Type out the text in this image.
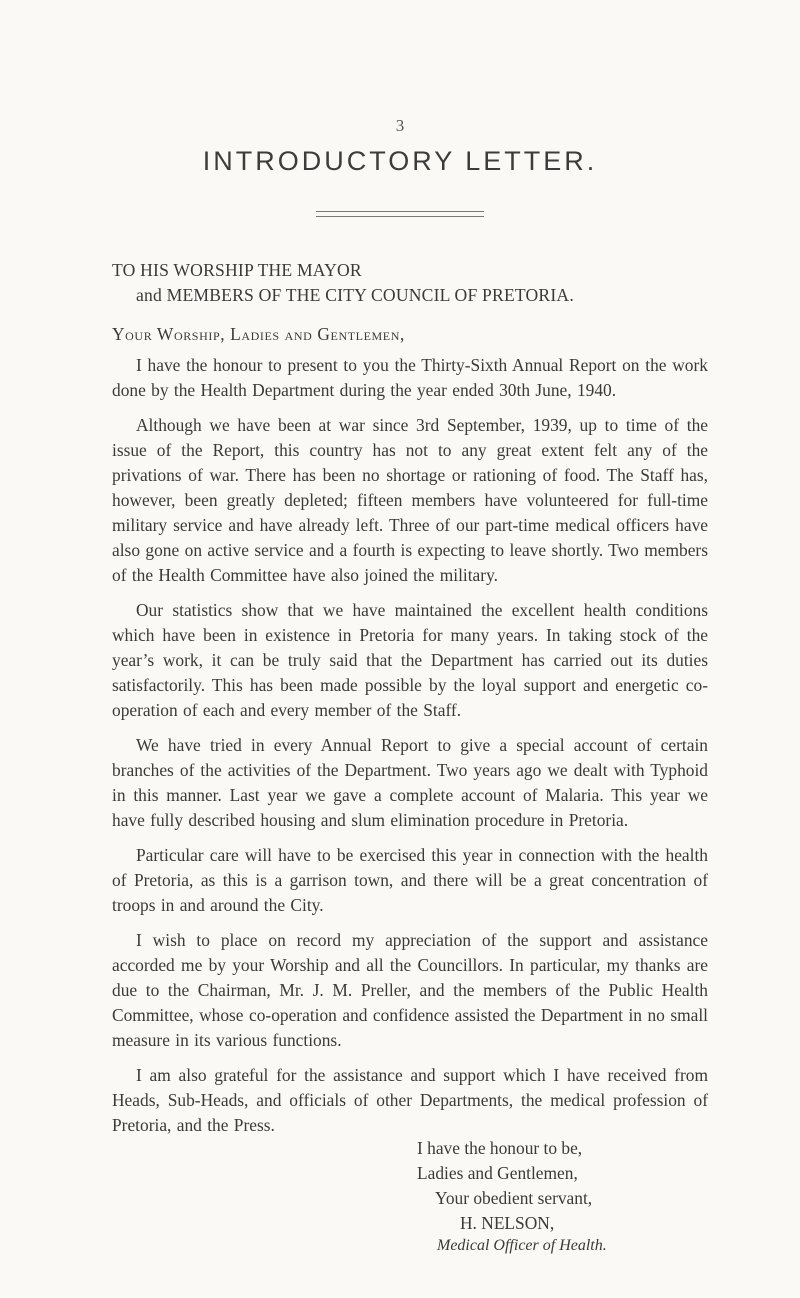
3
INTRODUCTORY LETTER.

TO HIS WORSHIP THE MAYOR

and MEMBERS OF THE CITY COUNCIL OF PRETORIA.

Your Worship, Ladies and Gentlemen,

I have the honour to present to you the Thirty-Sixth Annual Report on the work done by the Health Department during the year ended 30th June, 1940.

Although we have been at war since 3rd September, 1939, up to time of the issue of the Report, this country has not to any great extent felt any of the privations of war. There has been no shortage or rationing of food. The Staff has, however, been greatly depleted; fifteen members have volunteered for full-time military service and have already left. Three of our part-time medical officers have also gone on active service and a fourth is expecting to leave shortly. Two members of the Health Committee have also joined the military.

Our statistics show that we have maintained the excellent health conditions which have been in existence in Pretoria for many years. In taking stock of the year’s work, it can be truly said that the Department has carried out its duties satisfactorily. This has been made possible by the loyal support and energetic co-operation of each and every member of the Staff.

We have tried in every Annual Report to give a special account of certain branches of the activities of the Department. Two years ago we dealt with Typhoid in this manner. Last year we gave a complete account of Malaria. This year we have fully described housing and slum elimination procedure in Pretoria.

Particular care will have to be exercised this year in connection with the health of Pretoria, as this is a garrison town, and there will be a great concentration of troops in and around the City.

I wish to place on record my appreciation of the support and assistance accorded me by your Worship and all the Councillors. In particular, my thanks are due to the Chairman, Mr. J. M. Preller, and the members of the Public Health Committee, whose co-operation and confidence assisted the Department in no small measure in its various functions.

I am also grateful for the assistance and support which I have received from Heads, Sub-Heads, and officials of other Departments, the medical profession of Pretoria, and the Press.

I have the honour to be,

Ladies and Gentlemen,

Your obedient servant,

H. NELSON,

Medical Officer of Health.
